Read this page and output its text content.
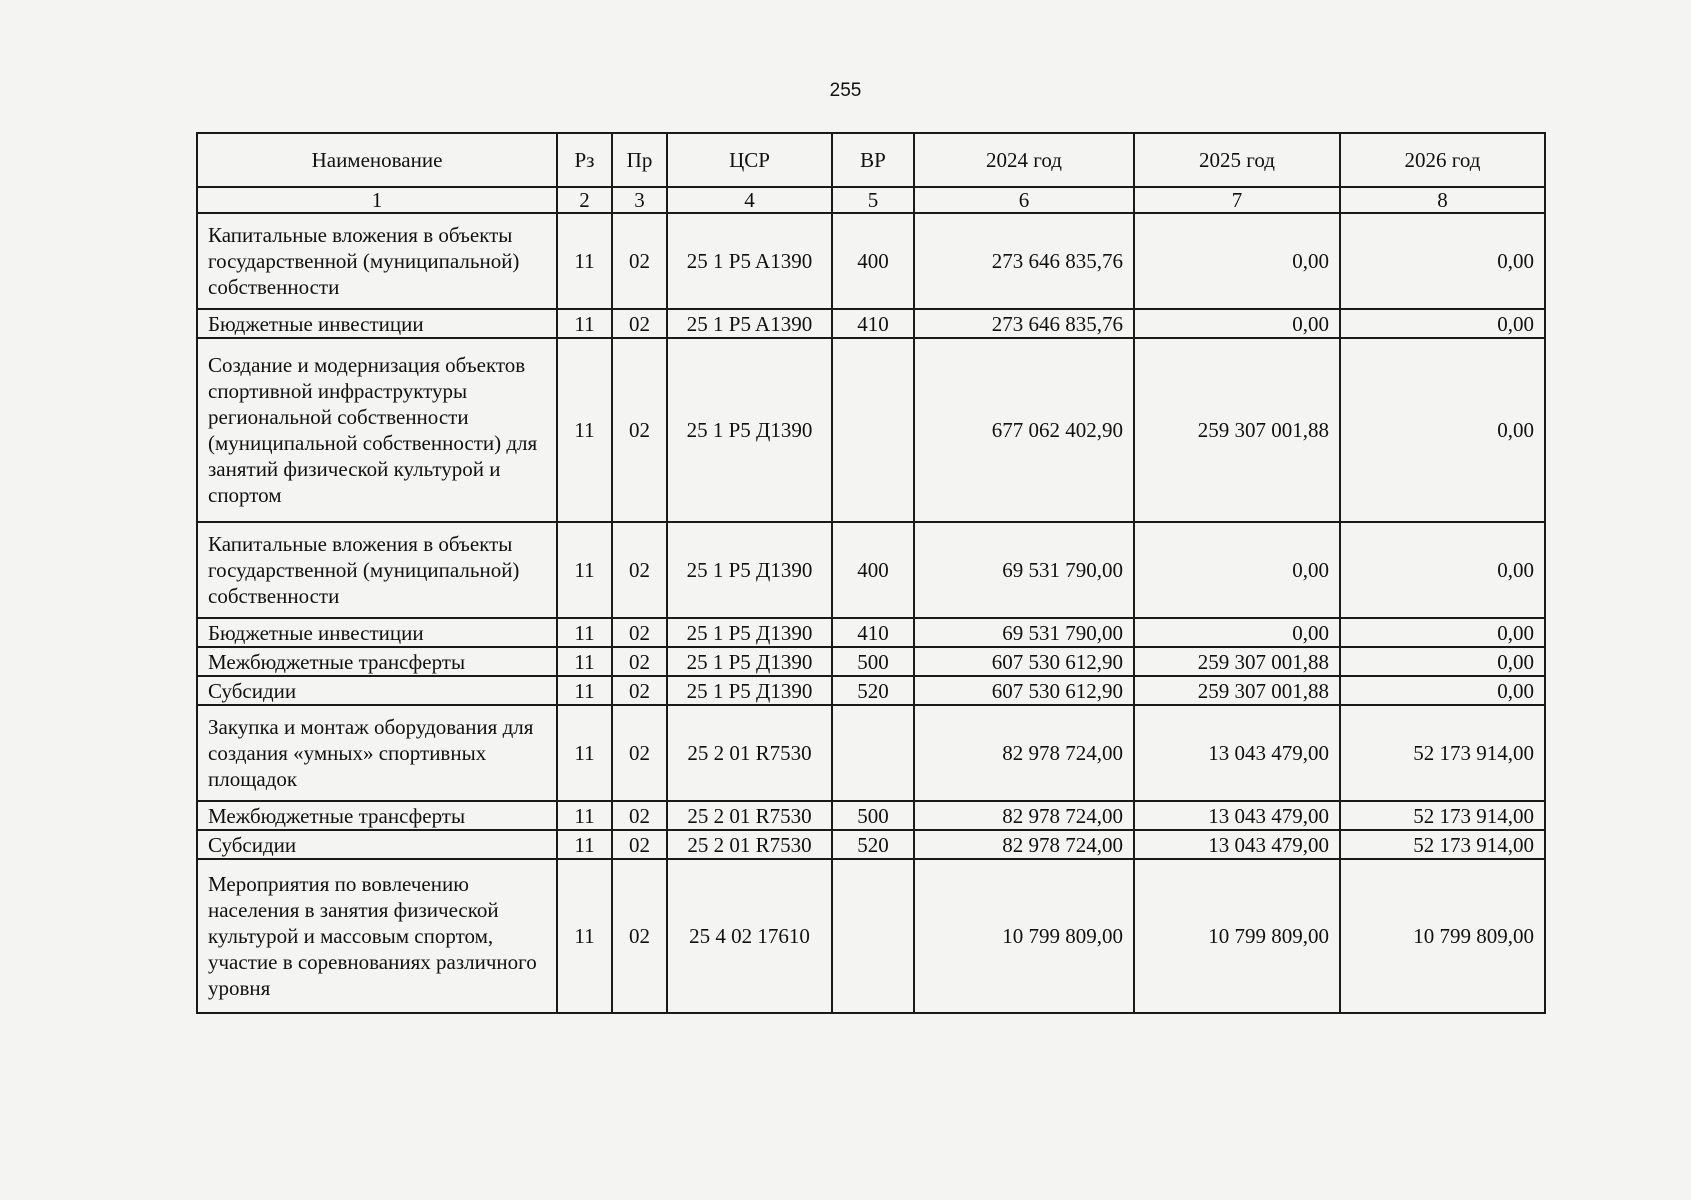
255
Наименование	Рз	Пр	ЦСР	ВР	2024 год	2025 год	2026 год
1	2	3	4	5	6	7	8
Капитальные вложения в объекты государственной (муниципальной) собственности	11	02	25 1 P5 A1390	400	273 646 835,76	0,00	0,00
Бюджетные инвестиции	11	02	25 1 P5 A1390	410	273 646 835,76	0,00	0,00
Создание и модернизация объектов спортивной инфраструктуры региональной собственности (муниципальной собственности) для занятий физической культурой и спортом	11	02	25 1 P5 Д1390		677 062 402,90	259 307 001,88	0,00
Капитальные вложения в объекты государственной (муниципальной) собственности	11	02	25 1 P5 Д1390	400	69 531 790,00	0,00	0,00
Бюджетные инвестиции	11	02	25 1 P5 Д1390	410	69 531 790,00	0,00	0,00
Межбюджетные трансферты	11	02	25 1 P5 Д1390	500	607 530 612,90	259 307 001,88	0,00
Субсидии	11	02	25 1 P5 Д1390	520	607 530 612,90	259 307 001,88	0,00
Закупка и монтаж оборудования для создания «умных» спортивных площадок	11	02	25 2 01 R7530		82 978 724,00	13 043 479,00	52 173 914,00
Межбюджетные трансферты	11	02	25 2 01 R7530	500	82 978 724,00	13 043 479,00	52 173 914,00
Субсидии	11	02	25 2 01 R7530	520	82 978 724,00	13 043 479,00	52 173 914,00
Мероприятия по вовлечению населения в занятия физической культурой и массовым спортом, участие в соревнованиях различного уровня	11	02	25 4 02 17610		10 799 809,00	10 799 809,00	10 799 809,00
